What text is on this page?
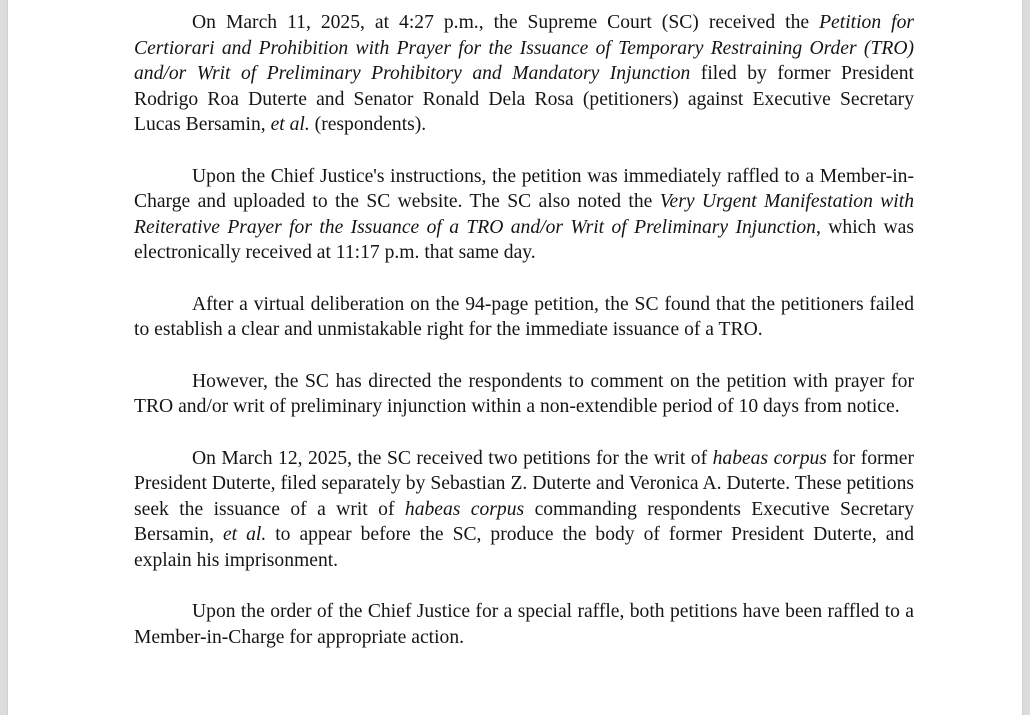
On March 11, 2025, at 4:27 p.m., the Supreme Court (SC) received the Petition for Certiorari and Prohibition with Prayer for the Issuance of Temporary Restraining Order (TRO) and/or Writ of Preliminary Prohibitory and Mandatory Injunction filed by former President Rodrigo Roa Duterte and Senator Ronald Dela Rosa (petitioners) against Executive Secretary Lucas Bersamin, et al. (respondents).

Upon the Chief Justice's instructions, the petition was immediately raffled to a Member-in-Charge and uploaded to the SC website. The SC also noted the Very Urgent Manifestation with Reiterative Prayer for the Issuance of a TRO and/or Writ of Preliminary Injunction, which was electronically received at 11:17 p.m. that same day.

After a virtual deliberation on the 94-page petition, the SC found that the petitioners failed to establish a clear and unmistakable right for the immediate issuance of a TRO.

However, the SC has directed the respondents to comment on the petition with prayer for TRO and/or writ of preliminary injunction within a non-extendible period of 10 days from notice.

On March 12, 2025, the SC received two petitions for the writ of habeas corpus for former President Duterte, filed separately by Sebastian Z. Duterte and Veronica A. Duterte. These petitions seek the issuance of a writ of habeas corpus commanding respondents Executive Secretary Bersamin, et al. to appear before the SC, produce the body of former President Duterte, and explain his imprisonment.

Upon the order of the Chief Justice for a special raffle, both petitions have been raffled to a Member-in-Charge for appropriate action.
